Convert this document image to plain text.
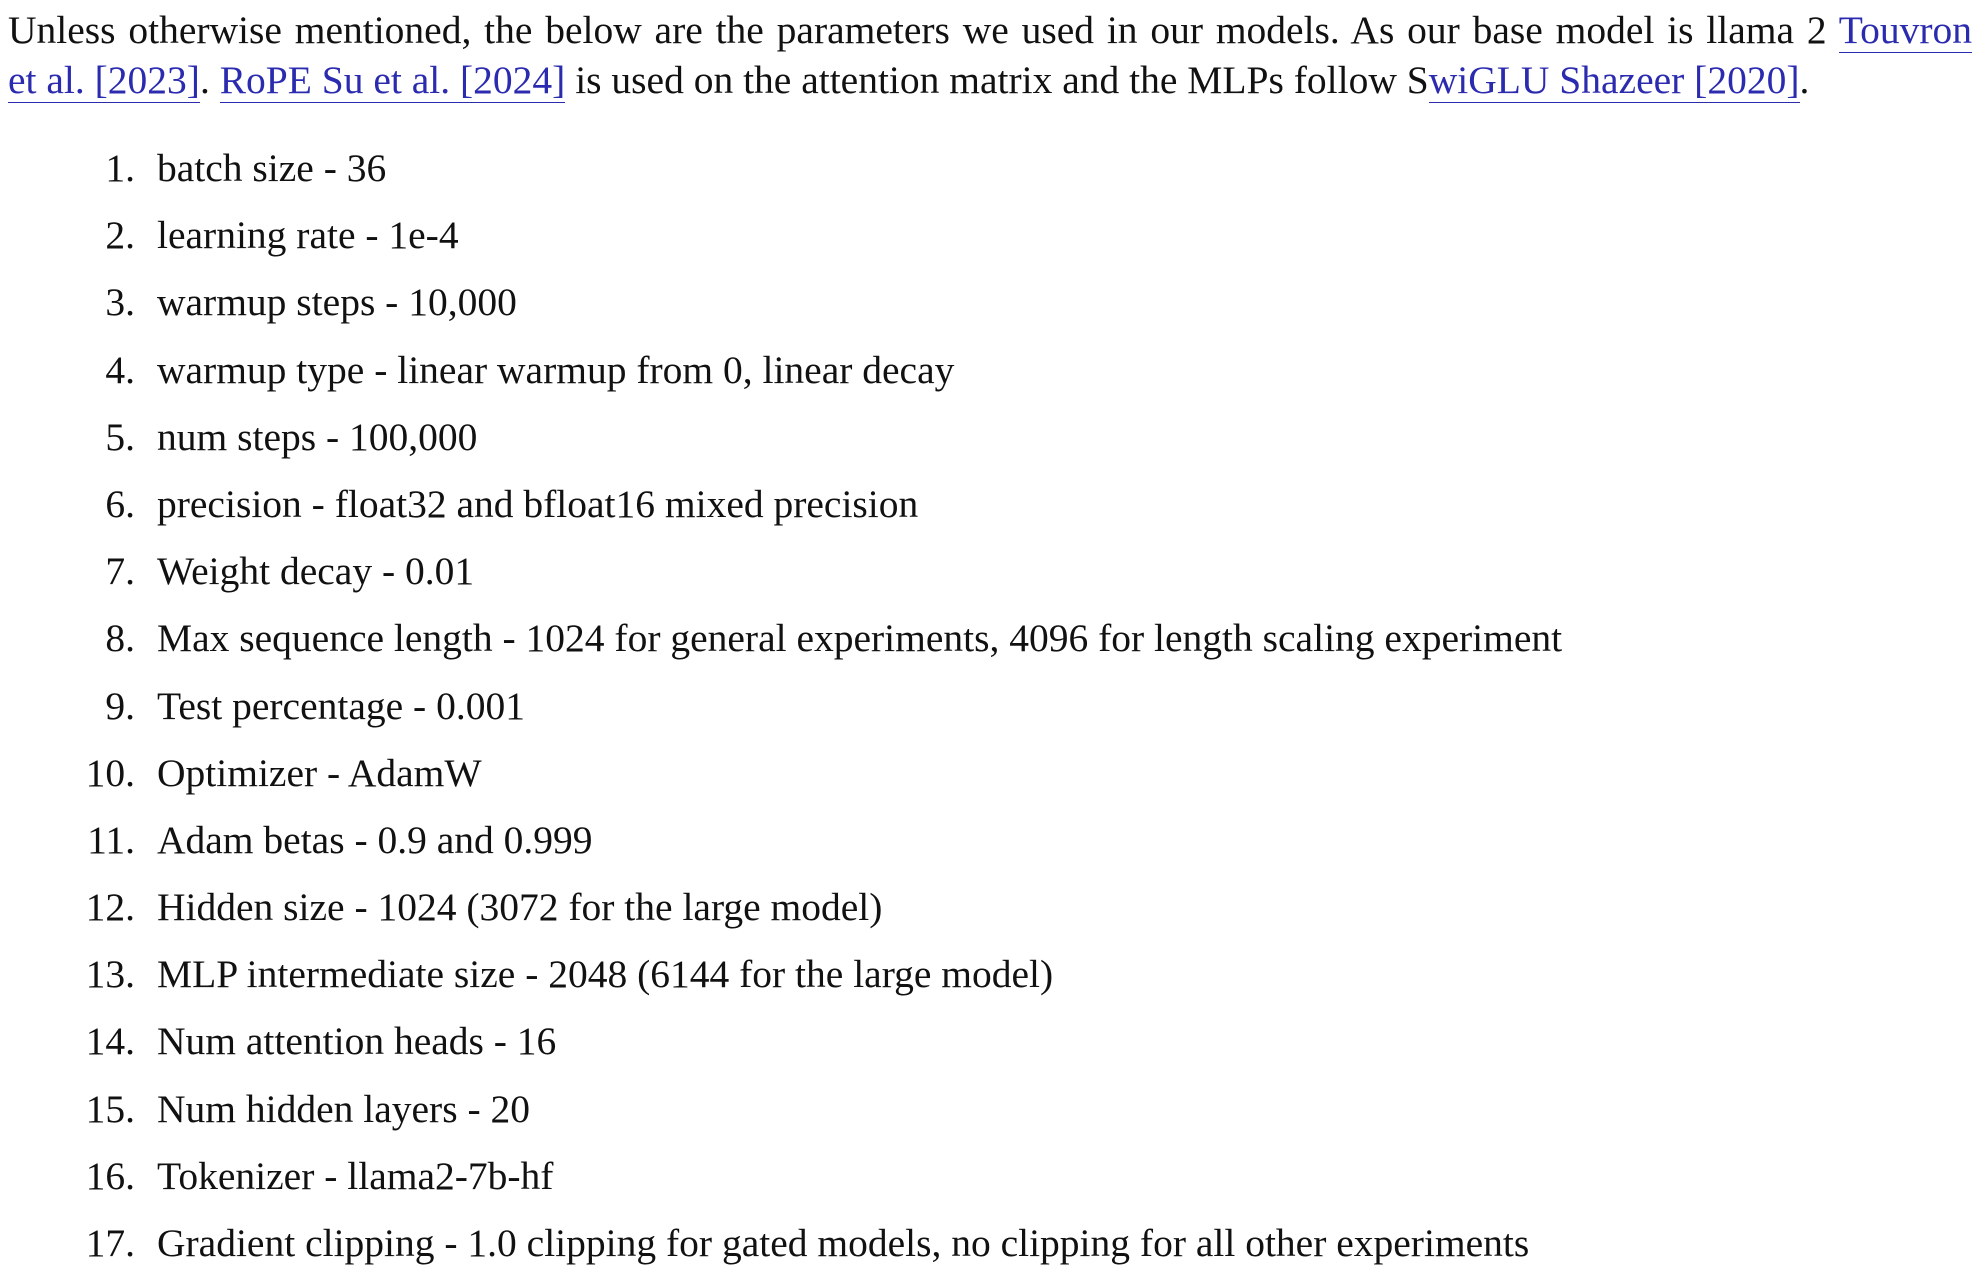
Unless otherwise mentioned, the below are the parameters we used in our models. As our base model is llama 2 Touvron
et al. [2023]. RoPE Su et al. [2024] is used on the attention matrix and the MLPs follow SwiGLU Shazeer [2020].

1. batch size - 36
2. learning rate - 1e-4
3. warmup steps - 10,000
4. warmup type - linear warmup from 0, linear decay
5. num steps - 100,000
6. precision - float32 and bfloat16 mixed precision
7. Weight decay - 0.01
8. Max sequence length - 1024 for general experiments, 4096 for length scaling experiment
9. Test percentage - 0.001
10. Optimizer - AdamW
11. Adam betas - 0.9 and 0.999
12. Hidden size - 1024 (3072 for the large model)
13. MLP intermediate size - 2048 (6144 for the large model)
14. Num attention heads - 16
15. Num hidden layers - 20
16. Tokenizer - llama2-7b-hf
17. Gradient clipping - 1.0 clipping for gated models, no clipping for all other experiments
